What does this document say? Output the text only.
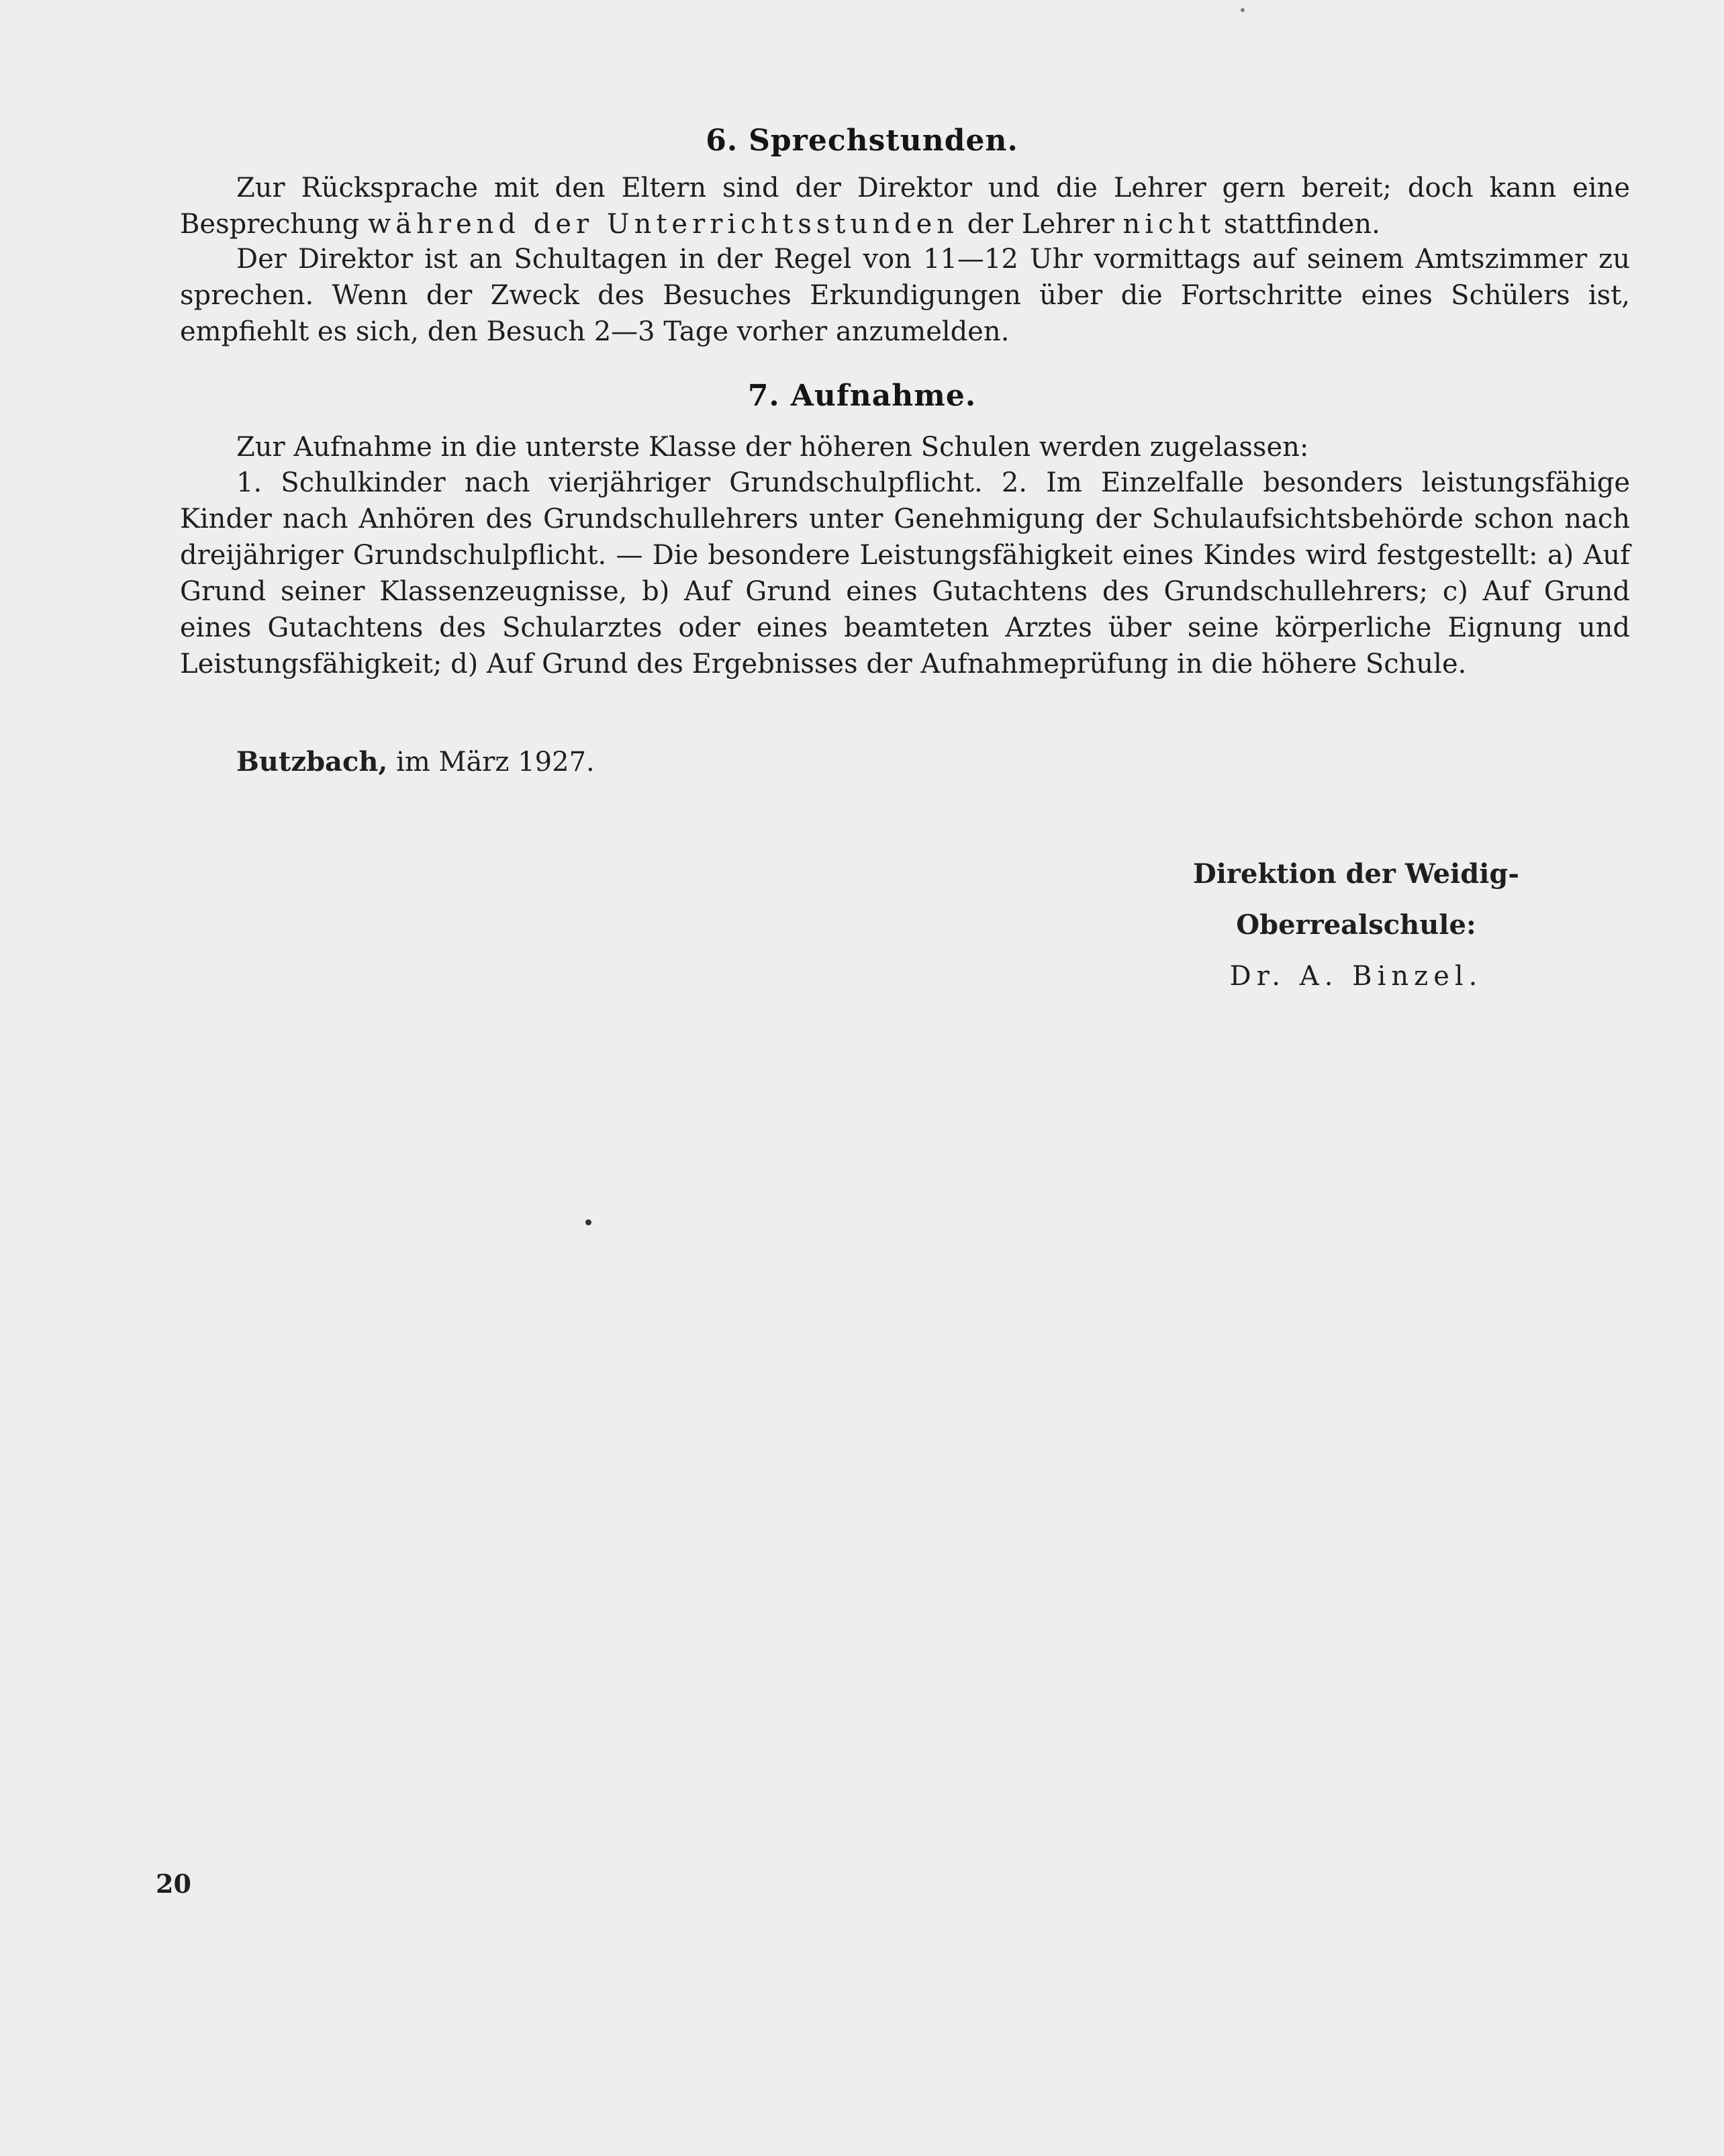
6. Sprechstunden.
Zur Rücksprache mit den Eltern sind der Direktor und die Lehrer gern bereit; doch kann eine Besprechung während der Unterrichtsstunden der Lehrer nicht stattfinden.
Der Direktor ist an Schultagen in der Regel von 11—12 Uhr vormittags auf seinem Amtszimmer zu sprechen. Wenn der Zweck des Besuches Erkundigungen über die Fortschritte eines Schülers ist, empfiehlt es sich, den Besuch 2—3 Tage vorher anzumelden.
7. Aufnahme.
Zur Aufnahme in die unterste Klasse der höheren Schulen werden zugelassen:
1. Schulkinder nach vierjähriger Grundschulpflicht. 2. Im Einzelfalle besonders leistungsfähige Kinder nach Anhören des Grundschullehrers unter Genehmigung der Schulaufsichtsbehörde schon nach dreijähriger Grundschulpflicht. — Die besondere Leistungsfähigkeit eines Kindes wird festgestellt: a) Auf Grund seiner Klassenzeugnisse, b) Auf Grund eines Gutachtens des Grundschullehrers; c) Auf Grund eines Gutachtens des Schularztes oder eines beamteten Arztes über seine körperliche Eignung und Leistungsfähigkeit; d) Auf Grund des Ergebnisses der Aufnahmeprüfung in die höhere Schule.
Butzbach, im März 1927.
Direktion der Weidig-Oberrealschule:
Dr. A. Binzel.
20
